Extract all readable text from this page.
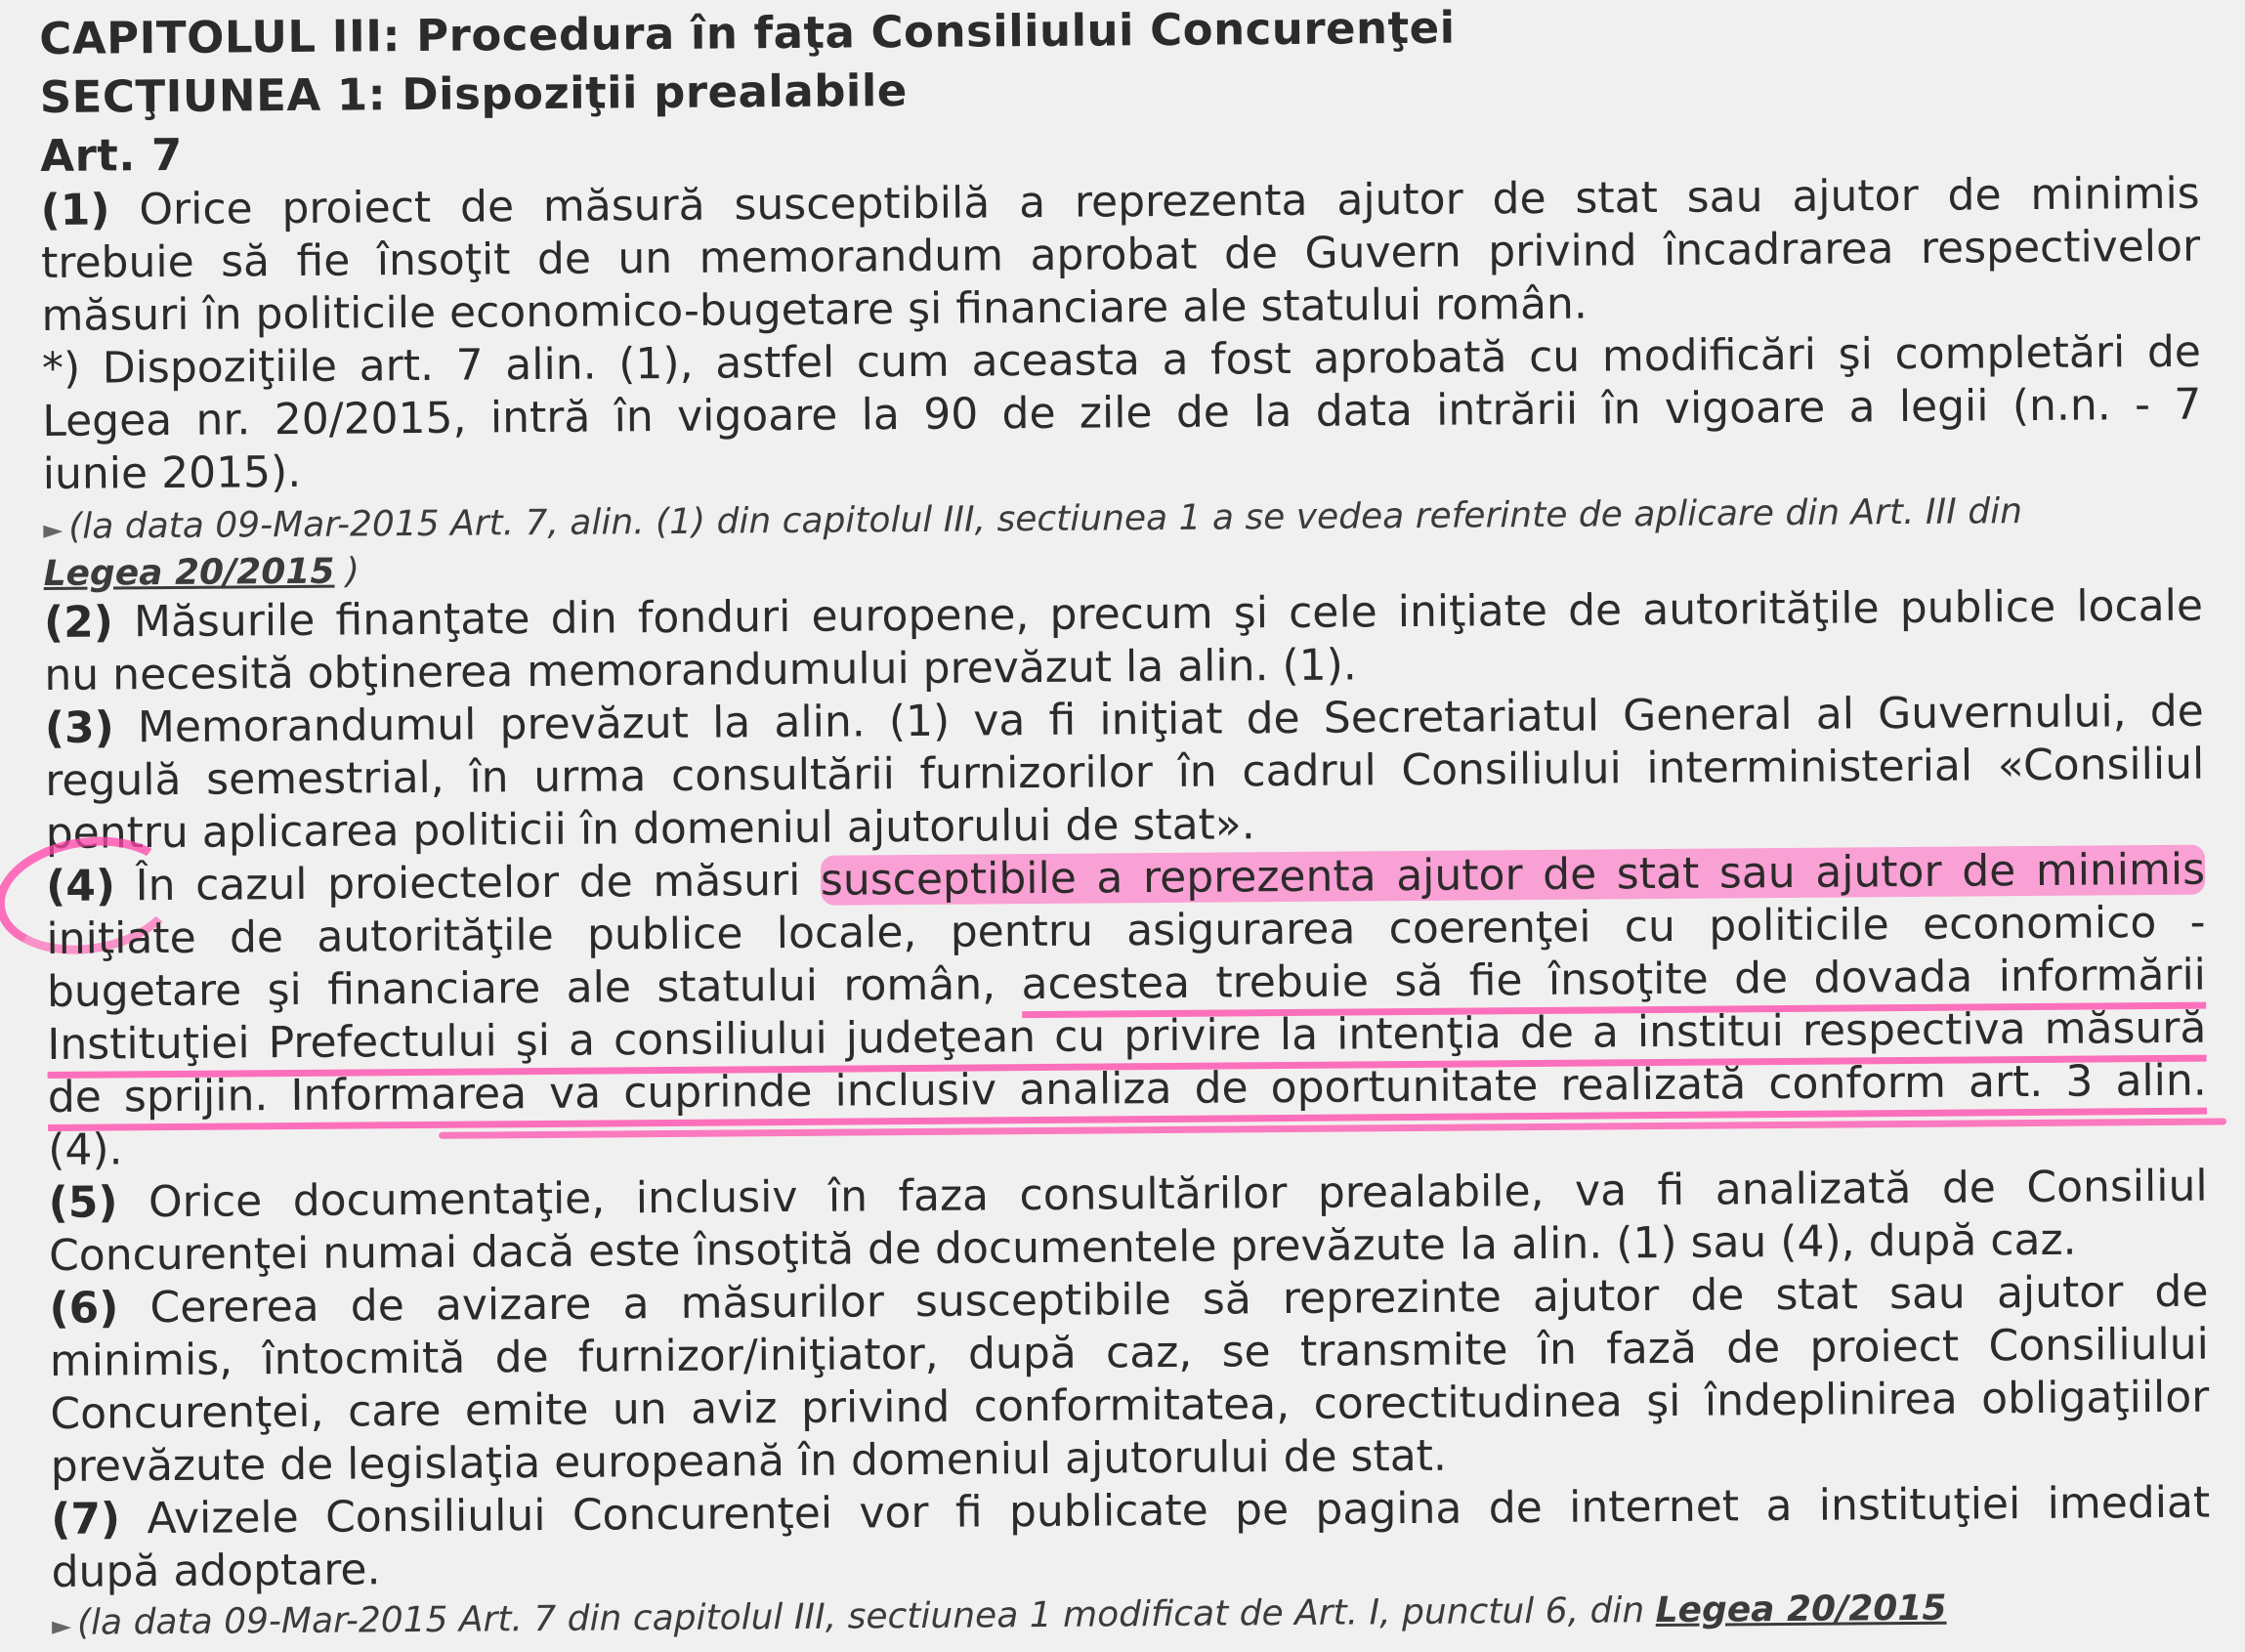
CAPITOLUL III: Procedura în faţa Consiliului Concurenţei
SECŢIUNEA 1: Dispoziţii prealabile
Art. 7
(1) Orice proiect de măsură susceptibilă a reprezenta ajutor de stat sau ajutor de minimis
trebuie să fie însoţit de un memorandum aprobat de Guvern privind încadrarea respectivelor
măsuri în politicile economico-bugetare şi financiare ale statului român.
*) Dispoziţiile art. 7 alin. (1), astfel cum aceasta a fost aprobată cu modificări şi completări de
Legea nr. 20/2015, intră în vigoare la 90 de zile de la data intrării în vigoare a legii (n.n. - 7
iunie 2015).
► (la data 09-Mar-2015 Art. 7, alin. (1) din capitolul III, sectiunea 1 a se vedea referinte de aplicare din Art. III din
Legea 20/2015 )
(2) Măsurile finanţate din fonduri europene, precum şi cele iniţiate de autorităţile publice locale
nu necesită obţinerea memorandumului prevăzut la alin. (1).
(3) Memorandumul prevăzut la alin. (1) va fi iniţiat de Secretariatul General al Guvernului, de
regulă semestrial, în urma consultării furnizorilor în cadrul Consiliului interministerial «Consiliul
pentru aplicarea politicii în domeniul ajutorului de stat».
(4) În cazul proiectelor de măsuri susceptibile a reprezenta ajutor de stat sau ajutor de minimis
iniţiate de autorităţile publice locale, pentru asigurarea coerenţei cu politicile economico -
bugetare şi financiare ale statului român, acestea trebuie să fie însoţite de dovada informării
Instituţiei Prefectului şi a consiliului judeţean cu privire la intenţia de a institui respectiva măsură
de sprijin. Informarea va cuprinde inclusiv analiza de oportunitate realizată conform art. 3 alin.
(4).
(5) Orice documentaţie, inclusiv în faza consultărilor prealabile, va fi analizată de Consiliul
Concurenţei numai dacă este însoţită de documentele prevăzute la alin. (1) sau (4), după caz.
(6) Cererea de avizare a măsurilor susceptibile să reprezinte ajutor de stat sau ajutor de
minimis, întocmită de furnizor/iniţiator, după caz, se transmite în fază de proiect Consiliului
Concurenţei, care emite un aviz privind conformitatea, corectitudinea şi îndeplinirea obligaţiilor
prevăzute de legislaţia europeană în domeniul ajutorului de stat.
(7) Avizele Consiliului Concurenţei vor fi publicate pe pagina de internet a instituţiei imediat
după adoptare.
► (la data 09-Mar-2015 Art. 7 din capitolul III, sectiunea 1 modificat de Art. I, punctul 6, din Legea 20/2015
